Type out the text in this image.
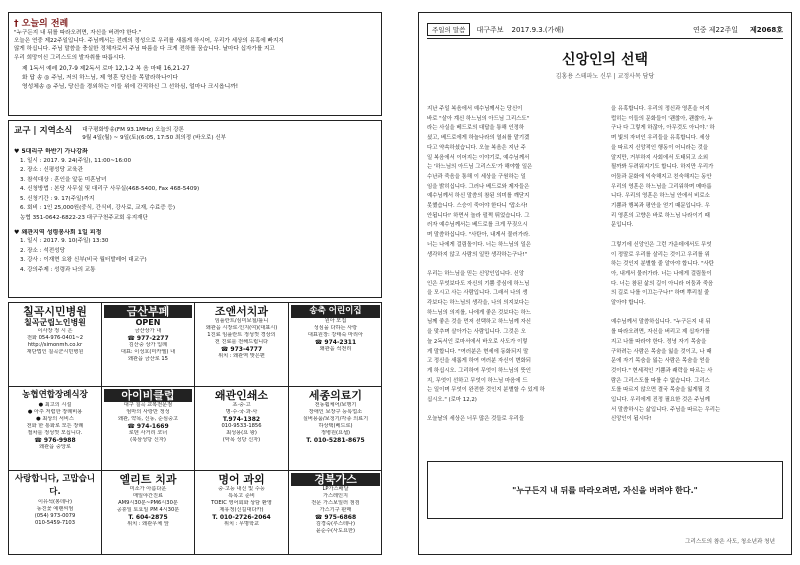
† 오늘의 전례
"누구든지 내 뒤를 따라오려면, 자신을 버려야 한다."
오늘은 연중 제22주일입니다. 주님께서는 전례의 정성으로 우리를 새롭게 하시어, 우리가 세상의 유혹에 빠지지
않게 하십니다. 주님 말씀을 충실한 정체자로서 주님 따름을 다 크게 전하를 꿈습니다. 날마다 십자가를 지고
우리 희망이신 그리스도의 발자취를 따릅시다.
제 1독서 예레 20,7-9 제2독서 로마 12,1-2 복 음 마태 16,21-27
화 답 송 ◎ 주님, 저의 하느님, 제 영혼 당신을 목말라하나이다
영성체송 ◎ 주님, 당신을 경외하는 이들 위에 간직하신 그 선하심, 얼마나 크시옵니까!
교구 | 지역소식 대구평화방송(FM 93.1MHz) 오늘의 강론
9월 4일(월) ~ 9일(토)(6:05, 17:50 최의정 (바오로) 신부
♥ 5대리구 하반기 가나강좌
1. 일시 : 2017. 9. 24(주일), 11:00~16:00
2. 장소 : 신평성당 교육관
3. 참석대상 : 혼인을 앞둔 미혼남녀
4. 신청방법 : 본당 사무실 및 대리구 사무실(468-5400, Fax 468-5409)
5. 신청기간 : 9. 17(주일)까지
6. 회비 : 1인 25,000원(중식, 간식비, 강사료, 교재, 수료증 등)
농협 351-0642-6822-23 대구구천주교회 유지재단
♥ 왜관지역 성령봉사회 1일 피정
1. 일시 : 2017. 9. 10(주일) 13:30
2. 장소 : 석전성당
3. 강사 : 이재현 요왕 신부(비국 월터발레어 대교구)
4. 강의주제 : 성령과 나의 교통
칠곡시민병원
칠곡군립노인병원
이사장 정 시 은
전화 054-976-0401~2
http://simonmh.co.kr
재단법인 칠곡군시민병원
금산부페
OPEN
금산상가 내
☎ 977-2277
김산중 상가 입례
대표: 이성호(미카엘) 내
왜관읍 금산로 15
조앤서치과
임플란트/심미보철/틀니
왜관읍 시장로·인지(여)(대표시)
1진료 임플란트 정성껏 경상의
전 진료를 전해드립니다
☎ 973-4777
위치 : 왜관역 맞은편
송축 어린이집
원아 모집
성심을 다하는 사랑
대표원장: 강태숙 마리아
☎ 974-2311
왜관읍 석전리
농협연합장례식장
● 최고의 시설
● 아주 저렴한 장례비용
● 최상의 서비스
전화 한 통화로 모든 장례
절차를 정성껏 모십니다.
☎ 976-9988
왜관읍 중앙로
아이비클럽
대구 칠곡 교복전문점
엄마의 사랑만 정성
왜관, 약목, 신동, 순심중고
☎ 974-1669
로덴 사거리 코너
(북삼성당 신자)
왜관인쇄소
초·중·고
명·수·국·과·사
T.974-1382
010-9533-1856
최성용(요 왕)
(악목 성당 신자)
세종의료기
전동휠체어/보행기
장애인 보장구 등록업소
실버용품/보청기/각종 의료기
하상택(베드로)
정병원(요셉)
T. 010-5281-8675
사랑합니다, 고맙습니다.
이유석(봉데나)
동진꽃 예랜씨엄
(054) 973-0079
010-5459-7103
엘리트 치과
미소가 아름다운
매일야간진료
AM9시30분~PM6시30분
공휴일 토요일 PM 4시30분
T. 604-2875
위치 : 왜관우체 앞
명어 과외
중·고등 내신 및 수능
특목고 준비
TOEIC 영어회화 상담 환영
제유정(신길대다카)
T. 010-2726-2064
위치 : 무명학교
경북가스
LP가스배달
가스레인지
전문 가스보일러 점검
가스기구 판매
☎ 975-6868
김경숙(루스테나)
윤순수(사도요한)
주일의 말씀	대구주보 2017.9.3.(가해)	연중 제22주일 제2068호
신앙인의 선택
김홍용 스테파노 신부 | 교정사목 담당

지난 주일 복음에서 예수님께서는 당신이

바로 "살아 계신 하느님의 아드님 그리스도"

라는 사실을 베드로의 대답을 통해 인정하

셨고, 베드로에게 하늘나라의 열쇠를 맡기겠

다고 약속하셨습니다. 오늘 복음은 지난 주

일 복음에서 이어지는 이야기로, 예수님께서

는 '하느님의 아드님 그리스도'가 해야할 일은

수난과 죽음을 통해 이 세상을 구원하는 일

임을 밝히십니다. 그러나 베드로와 제자들은

예수님께서 하신 말씀의 참된 의미를 깨닫지

못했습니다. 스승이 죽어야 한다니 '맙소사!

안됩니다!' 하면서 놀라 펄쩍 뛰었습니다. 그

러자 예수님께서는 베드로를 크게 꾸짖으시

며 말씀하십니다. "사탄아, 내게서 물러가라.

너는 나에게 걸림돌이다. 너는 하느님의 일은

생각하지 않고 사람의 일만 생각하는구나!"

우리는 하느님을 믿는 신앙인입니다. 신앙

인은 무엇보다도 자신의 기쁨 중심에 하느님

을 모시고 사는 사람입니다. 그래서 나의 생

각보다는 하느님의 생각을, 나의 의지보다는

하느님의 의지를, 나에게 좋은 것보다는 하느

님께 좋은 것을 먼저 선택하고 하느님께 자신

을 맞추며 살아가는 사람입니다. 그것은 오

늘 2독서인 로마서에서 바오로 사도가 이렇

게 말합니다. "여러분은 현세에 동화되지 말

고 정신을 새롭게 하여 여러분 자신이 변화되

게 하십시오. 그리하여 무엇이 하느님의 뜻인

지, 무엇이 선하고 무엇이 하느님 마음에 드

는 일이며 무엇이 완전한 것인지 분별할 수 있게 하

십시오." (로마 12,2)

오늘날의 세상은 너무 많은 것들로 우리들

을 유혹합니다. 우리의 정신과 영혼을 어지

럽히는 이들의 문화들이 '괜찮아, 괜찮아, 누

구나 다 그렇게 하잖아, 아무것도 아니야.' 하

며 빛의 자녀인 우리들을 유혹합니다. 세상

을 따르지 신앙적인 행동이 어니라는 것을

알지만, 거부하지 사회에서 도태되고 소외

될까봐 두려워지기도 합니다. 하지만 우리가

어둠과 문화에 익숙해지고 친숙해지는 동안

우리의 영혼은 하느님을 그리워하며 메마릅

니다. 우리의 영혼은 하느님 안에서 비로소

기쁨과 행복과 평안을 얻기 때문입니다. 우

리 영혼의 고향은 바로 하느님 나라이기 때

문입니다.

그렇기에 신앙인은 그런 가운데에서도 무엇

이 정말로 우리를 살리는 것이고 우리를 위

하는 것인지 분별할 줄 알아야 합니다. "사탄

아, 내게서 물러가라. 너는 나에게 걸림돌이

다. 너는 참된 삶의 길이 아니라 어둠과 죽음

의 길로 나를 이끄는구나!" 하며 뿌리칠 줄

알아야 합니다.

예수님께서 말씀하십니다. "누구든지 내 뒤

를 따라오려면, 자신을 버리고 제 십자가를

지고 나를 따라야 한다. 정녕 자기 목숨을

구하려는 사람은 목숨을 잃을 것이고, 나 때

문에 자기 목숨을 잃는 사람은 목숨을 얻을

것이다." 현세적인 기쁨과 쾌락을 따르는 사

람은 그리스도를 따를 수 없습니다. 그리스

도를 따르지 않으면 결국 목숨을 잃게될 것

입니다. 우리에게 진정 필요한 것은 주님께

서 말씀하시는 삶입니다. 주님을 따르는 우리는

신앙인이 됩시다!

"누구든지 내 뒤를 따라오려면, 자신을 버려야 한다."
그리스도의 참은 사도, 청소년과 청년
